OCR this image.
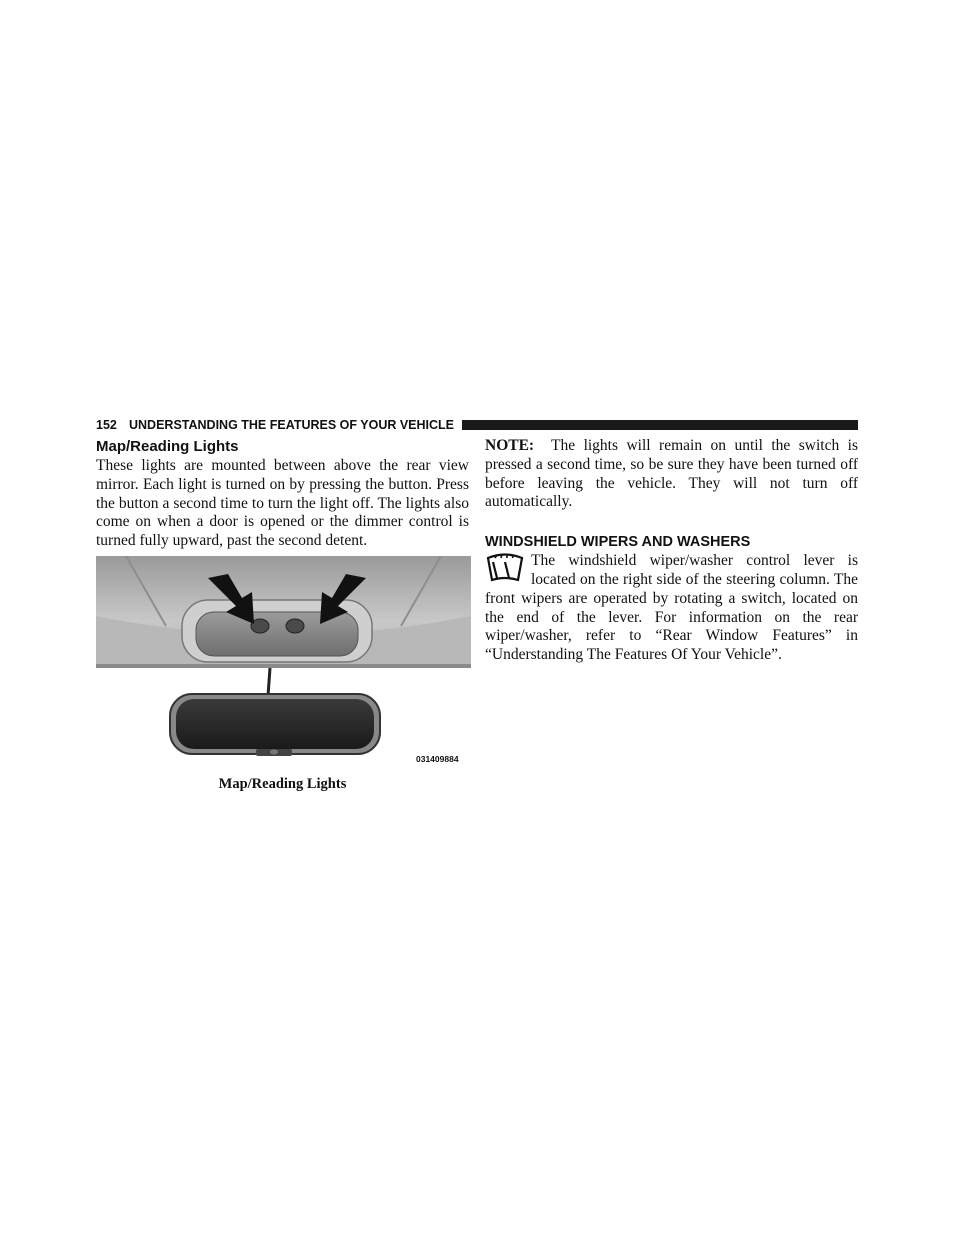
152 UNDERSTANDING THE FEATURES OF YOUR VEHICLE
Map/Reading Lights

These lights are mounted between above the rear view mirror. Each light is turned on by pressing the button. Press the button a second time to turn the light off. The lights also come on when a door is opened or the dimmer control is turned fully upward, past the second detent.

031409884
Map/Reading Lights

NOTE: The lights will remain on until the switch is pressed a second time, so be sure they have been turned off before leaving the vehicle. They will not turn off automatically.

WINDSHIELD WIPERS AND WASHERS

The windshield wiper/washer control lever is located on the right side of the steering column. The front wipers are operated by rotating a switch, located on the end of the lever. For information on the rear wiper/washer, refer to “Rear Window Features” in “Understanding The Features Of Your Vehicle”.
